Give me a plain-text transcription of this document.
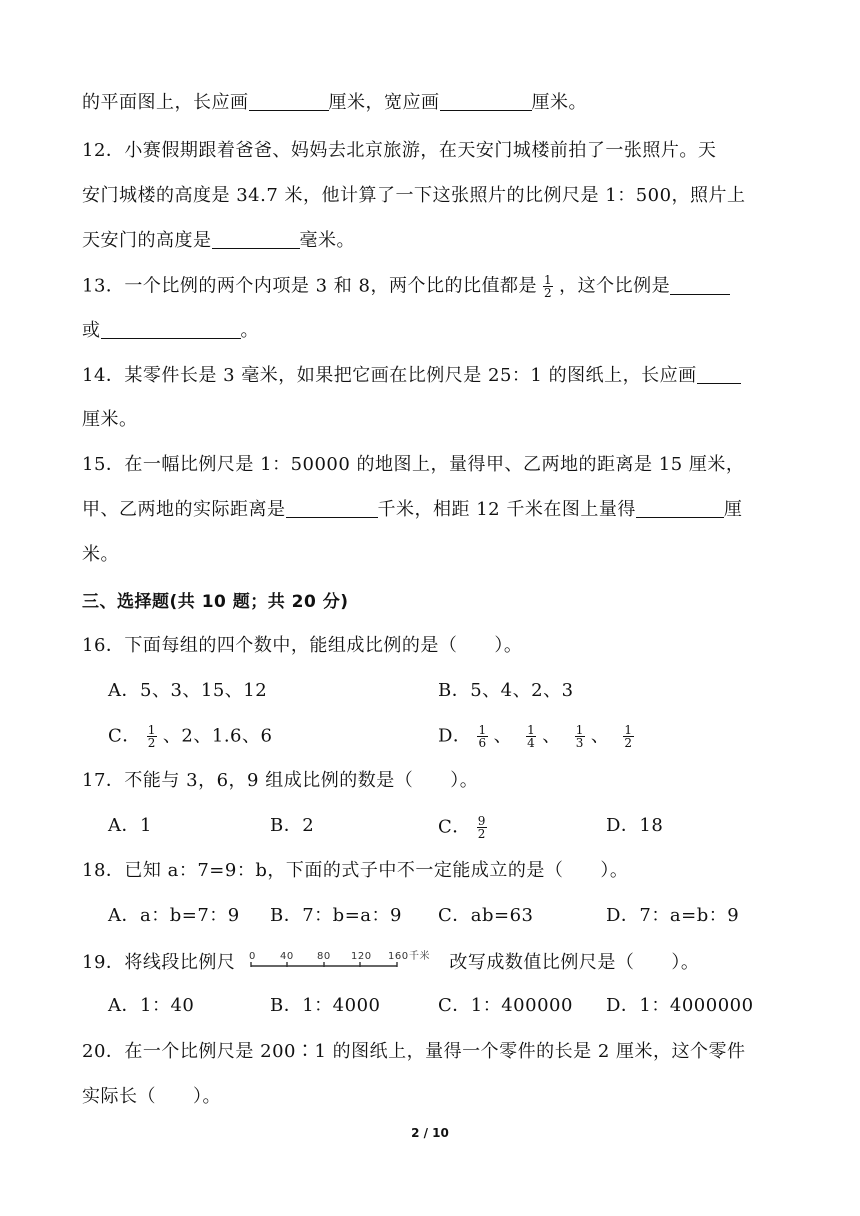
的平面图上，长应画	厘米，宽应画	厘米。
12．小赛假期跟着爸爸、妈妈去北京旅游，在天安门城楼前拍了一张照片。天
安门城楼的高度是 34.7 米，他计算了一下这张照片的比例尺是 1：500，照片上
天安门的高度是	毫米。
13．一个比例的两个内项是 3 和 8，两个比的比值都是 $\frac{1}{2}$ ，这个比例是
或	。
14．某零件长是 3 毫米，如果把它画在比例尺是 25：1 的图纸上，长应画
厘米。
15．在一幅比例尺是 1：50000 的地图上，量得甲、乙两地的距离是 15 厘米，
甲、乙两地的实际距离是	千米，相距 12 千米在图上量得	厘
米。
三、选择题(共 10 题；共 20 分)
16．下面每组的四个数中，能组成比例的是（　　）。
A．5、3、15、12	B．5、4、2、3
C． $\frac{1}{2}$ 、2、1.6、6	D． $\frac{1}{6}$ 、 $\frac{1}{4}$ 、 $\frac{1}{3}$ 、 $\frac{1}{2}$
17．不能与 3，6，9 组成比例的数是（　　）。
A．1	B．2	C． $\frac{9}{2}$	D．18
18．已知 a：7=9：b，下面的式子中不一定能成立的是（　　）。
A．a：b=7：9 B．7：b=a：9 C．ab=63	D．7：a=b：9
19．将线段比例尺 0 40 80 120 160 千米 改写成数值比例尺是（　　）。
A．1：40	B．1：4000	C．1：400000 D．1：4000000
20．在一个比例尺是 200∶1 的图纸上，量得一个零件的长是 2 厘米，这个零件
实际长（　　）。
2 / 10
